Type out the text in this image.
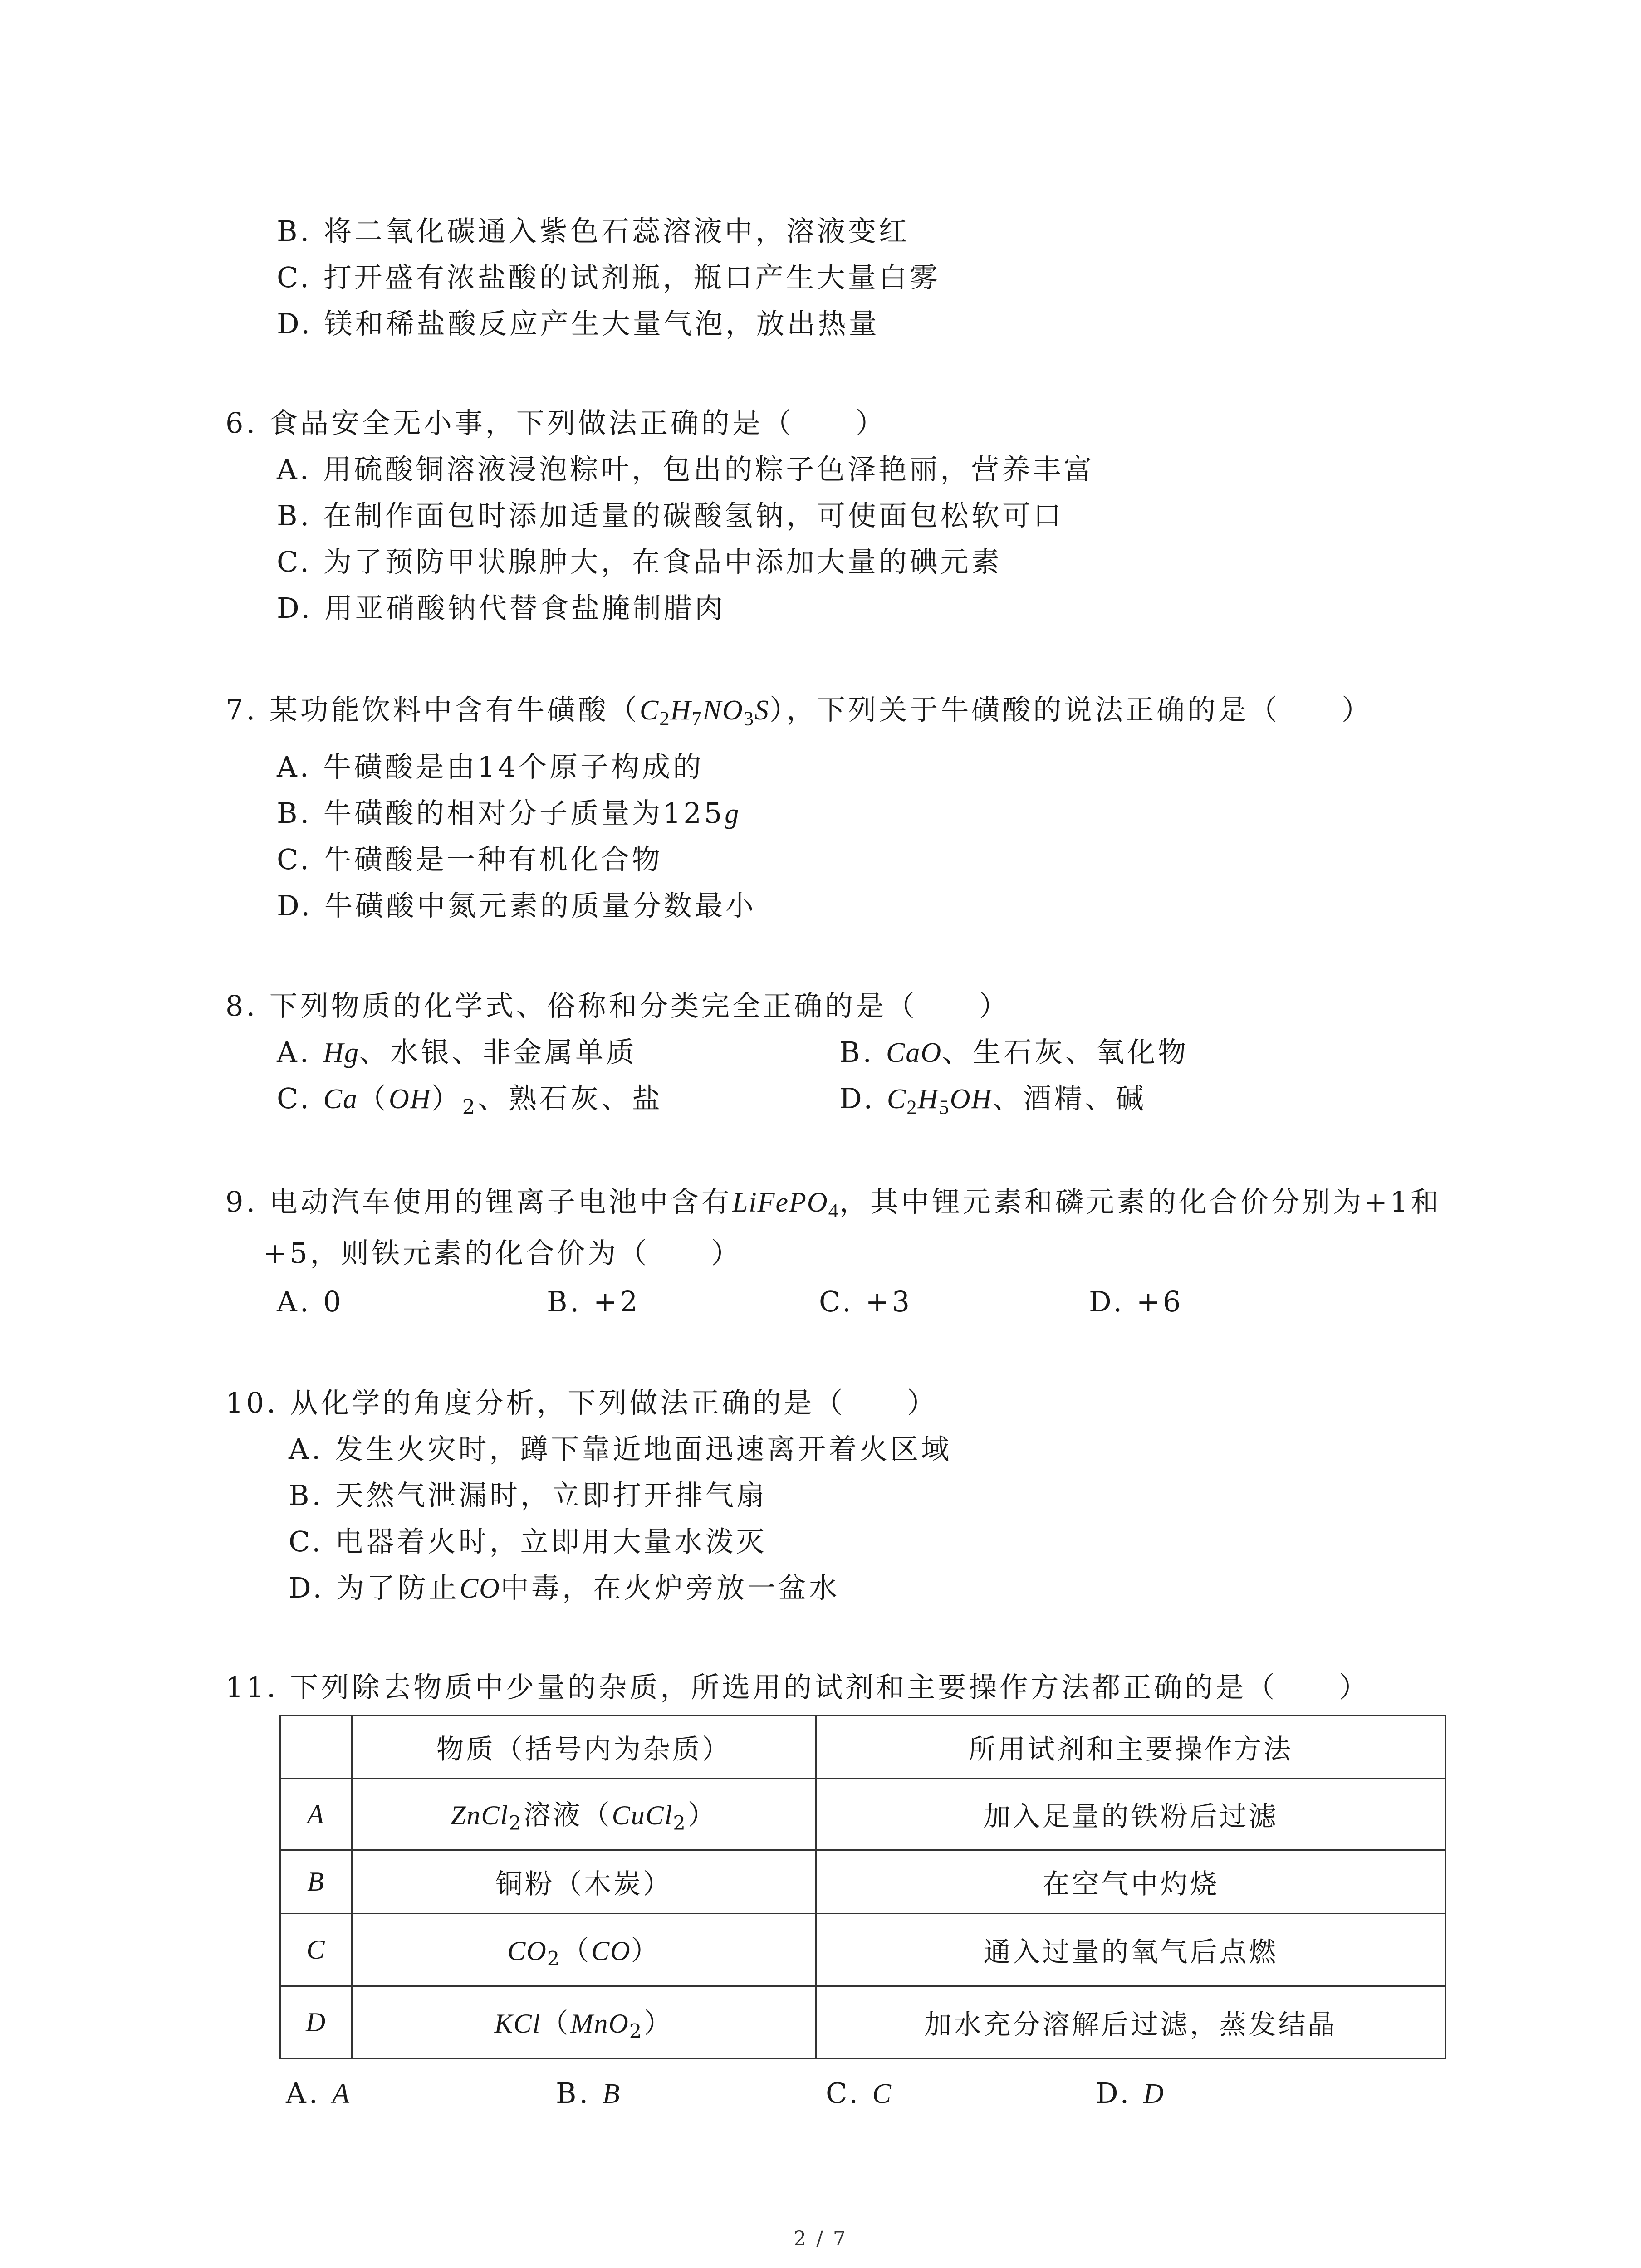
B. 将二氧化碳通入紫色石蕊溶液中，溶液变红
C. 打开盛有浓盐酸的试剂瓶，瓶口产生大量白雾
D. 镁和稀盐酸反应产生大量气泡，放出热量
6. 食品安全无小事，下列做法正确的是（　　）
A. 用硫酸铜溶液浸泡粽叶，包出的粽子色泽艳丽，营养丰富
B. 在制作面包时添加适量的碳酸氢钠，可使面包松软可口
C. 为了预防甲状腺肿大，在食品中添加大量的碘元素
D. 用亚硝酸钠代替食盐腌制腊肉
7. 某功能饮料中含有牛磺酸$(C_2H_7NO_3S)$，下列关于牛磺酸的说法正确的是（　　）
A. 牛磺酸是由14个原子构成的
B. 牛磺酸的相对分子质量为125g
C. 牛磺酸是一种有机化合物
D. 牛磺酸中氮元素的质量分数最小
8. 下列物质的化学式、俗称和分类完全正确的是（　　）
A. Hg、水银、非金属单质	B. CaO、生石灰、氧化物
C. $Ca(OH)_2$、熟石灰、盐	D. $C_2H_5OH$、酒精、碱
9. 电动汽车使用的锂离子电池中含有LiFePO$_4$，其中锂元素和磷元素的化合价分别为+1和
+5，则铁元素的化合价为（　　）
A. 0	B. +2	C. +3	D. +6
10. 从化学的角度分析，下列做法正确的是（　　）
A. 发生火灾时，蹲下靠近地面迅速离开着火区域
B. 天然气泄漏时，立即打开排气扇
C. 电器着火时，立即用大量水泼灭
D. 为了防止CO中毒，在火炉旁放一盆水
11. 下列除去物质中少量的杂质，所选用的试剂和主要操作方法都正确的是（　　）
	物质（括号内为杂质）	所用试剂和主要操作方法
A	ZnCl$_2$溶液（CuCl$_2$）	加入足量的铁粉后过滤
B	铜粉（木炭）	在空气中灼烧
C	$CO_2(CO)$	通入过量的氧气后点燃
D	KCl（MnO$_2$）	加水充分溶解后过滤，蒸发结晶
A. A	B. B	C. C	D. D
2 / 7
